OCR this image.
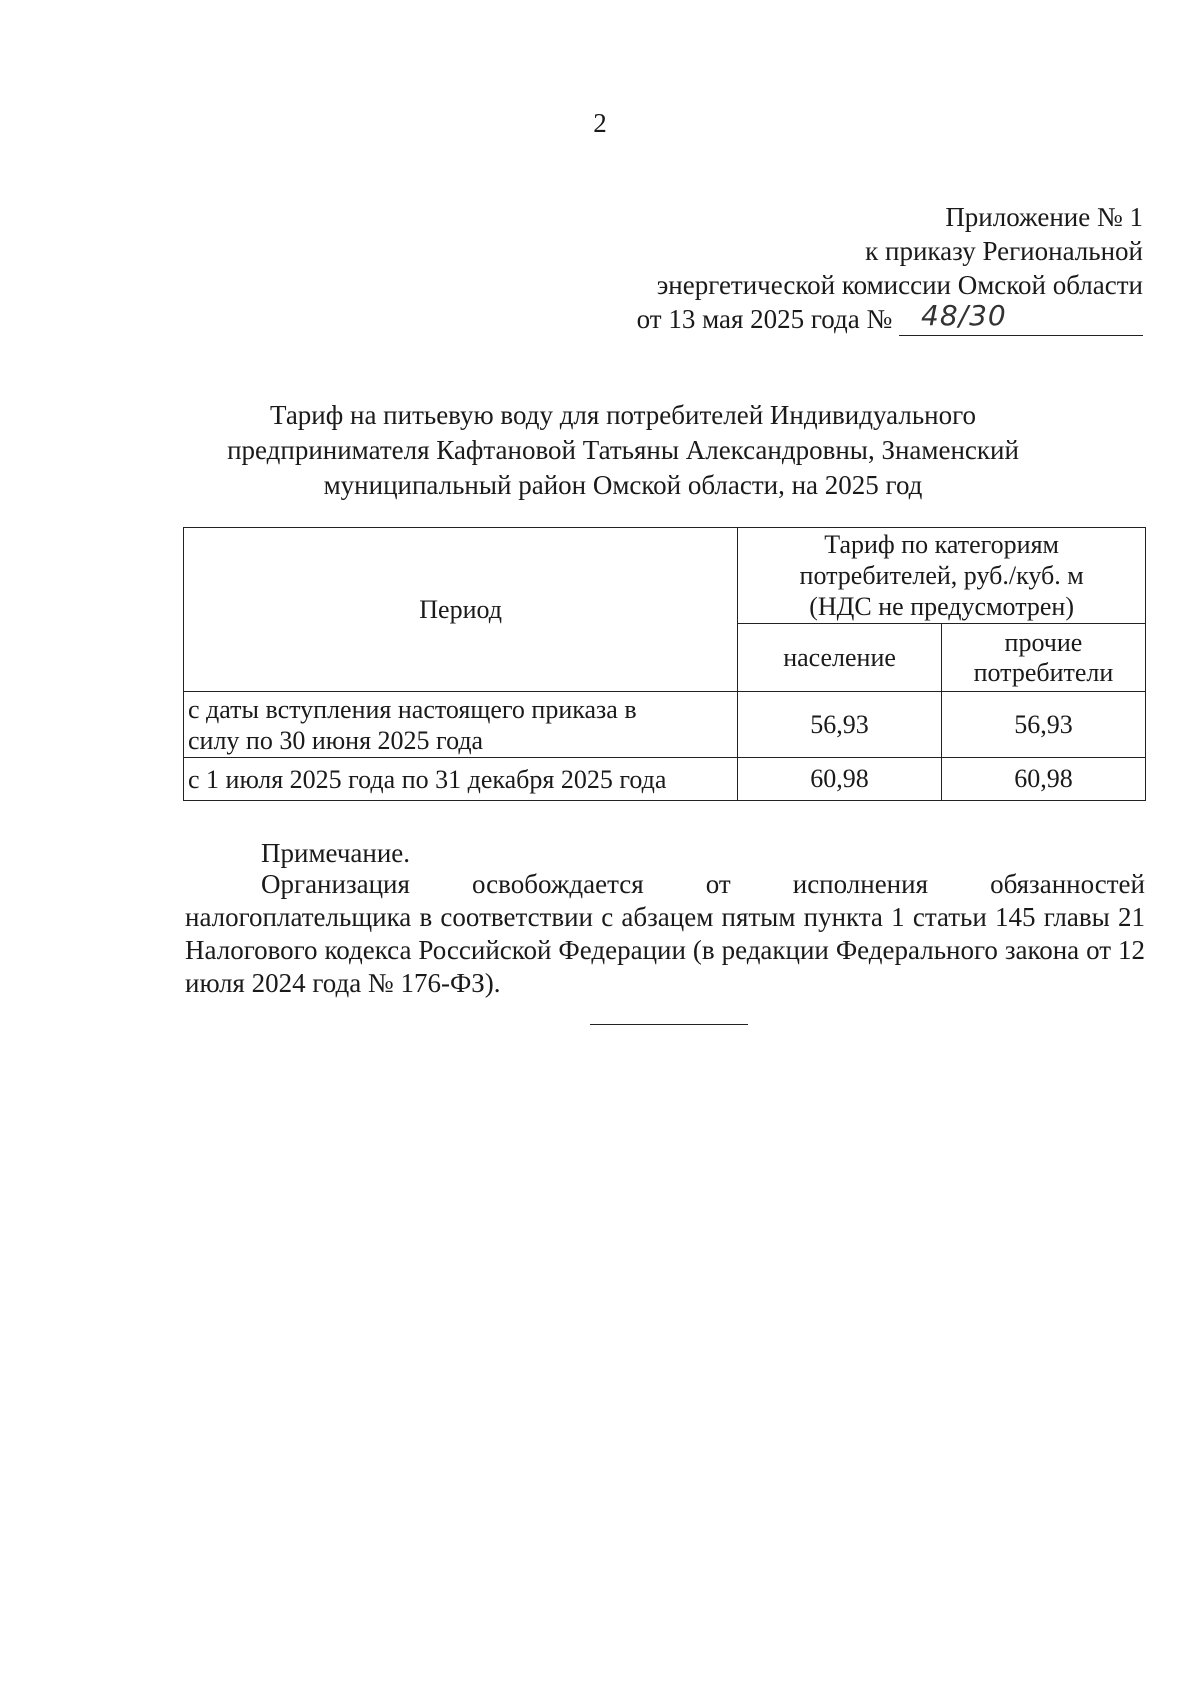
2
Приложение № 1
к приказу Региональной
энергетической комиссии Омской области
от 13 мая 2025 года № 48/30
Тариф на питьевую воду для потребителей Индивидуального
предпринимателя Кафтановой Татьяны Александровны, Знаменский
муниципальный район Омской области, на 2025 год
Период	Тариф по категориям
потребителей, руб./куб. м
(НДС не предусмотрен)	

	население	прочие
потребители

с даты вступления настоящего приказа в
силу по 30 июня 2025 года	56,93	56,93

с 1 июля 2025 года по 31 декабря 2025 года	60,98	60,98
Примечание.
Организация освобождается от исполнения обязанностей налогоплательщика в соответствии с абзацем пятым пункта 1 статьи 145 главы 21 Налогового кодекса Российской Федерации (в редакции Федерального закона от 12 июля 2024 года № 176-ФЗ).
